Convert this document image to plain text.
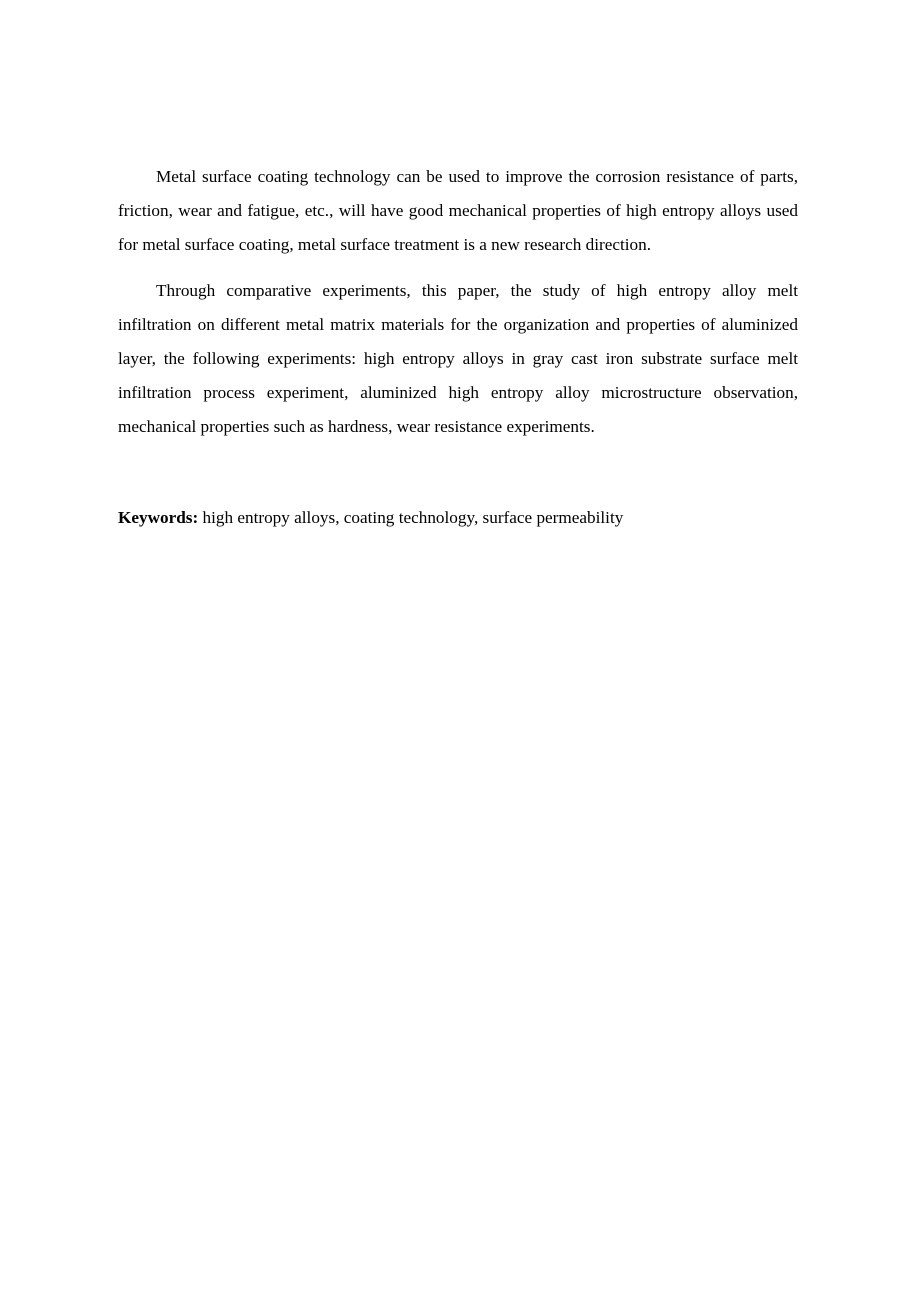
Metal surface coating technology can be used to improve the corrosion resistance of parts, friction, wear and fatigue, etc., will have good mechanical properties of high entropy alloys used for metal surface coating, metal surface treatment is a new research direction.

Through comparative experiments, this paper, the study of high entropy alloy melt infiltration on different metal matrix materials for the organization and properties of aluminized layer, the following experiments: high entropy alloys in gray cast iron substrate surface melt infiltration process experiment, aluminized high entropy alloy microstructure observation, mechanical properties such as hardness, wear resistance experiments.

Keywords: high entropy alloys, coating technology, surface permeability
